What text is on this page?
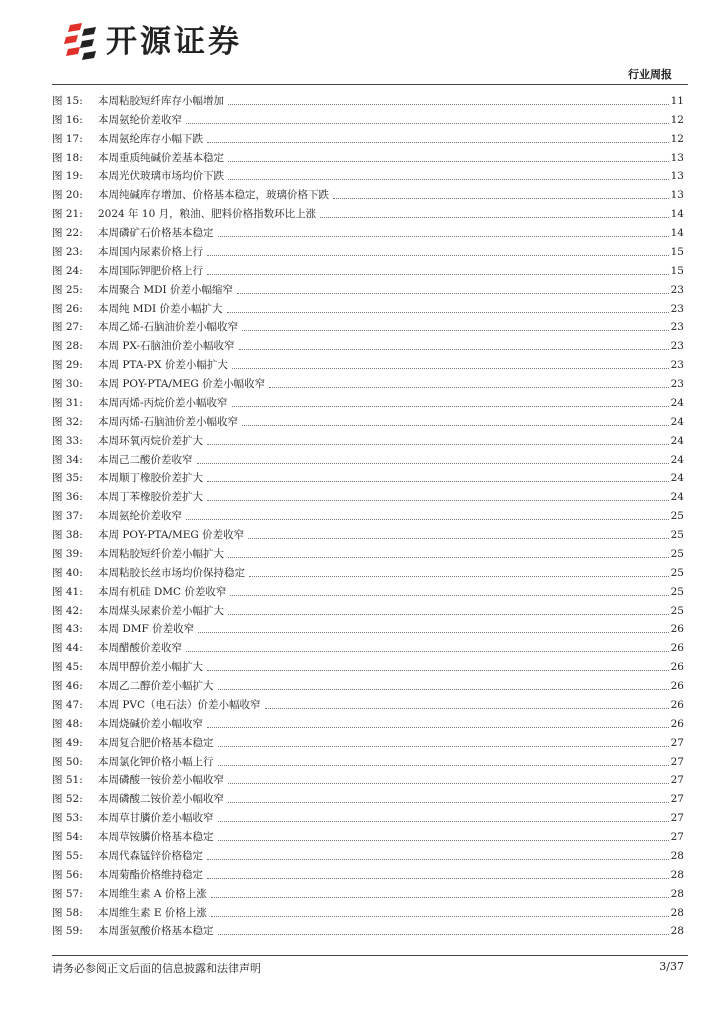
开源证券
行业周报
图 15:	本周粘胶短纤库存小幅增加	11
图 16:	本周氨纶价差收窄	12
图 17:	本周氨纶库存小幅下跌	12
图 18:	本周重质纯碱价差基本稳定	13
图 19:	本周光伏玻璃市场均价下跌	13
图 20:	本周纯碱库存增加、价格基本稳定，玻璃价格下跌	13
图 21:	2024 年 10 月，粮油、肥料价格指数环比上涨	14
图 22:	本周磷矿石价格基本稳定	14
图 23:	本周国内尿素价格上行	15
图 24:	本周国际钾肥价格上行	15
图 25:	本周聚合 MDI 价差小幅缩窄	23
图 26:	本周纯 MDI 价差小幅扩大	23
图 27:	本周乙烯-石脑油价差小幅收窄	23
图 28:	本周 PX-石脑油价差小幅收窄	23
图 29:	本周 PTA-PX 价差小幅扩大	23
图 30:	本周 POY-PTA/MEG 价差小幅收窄	23
图 31:	本周丙烯-丙烷价差小幅收窄	24
图 32:	本周丙烯-石脑油价差小幅收窄	24
图 33:	本周环氧丙烷价差扩大	24
图 34:	本周己二酸价差收窄	24
图 35:	本周顺丁橡胶价差扩大	24
图 36:	本周丁苯橡胶价差扩大	24
图 37:	本周氨纶价差收窄	25
图 38:	本周 POY-PTA/MEG 价差收窄	25
图 39:	本周粘胶短纤价差小幅扩大	25
图 40:	本周粘胶长丝市场均价保持稳定	25
图 41:	本周有机硅 DMC 价差收窄	25
图 42:	本周煤头尿素价差小幅扩大	25
图 43:	本周 DMF 价差收窄	26
图 44:	本周醋酸价差收窄	26
图 45:	本周甲醇价差小幅扩大	26
图 46:	本周乙二醇价差小幅扩大	26
图 47:	本周 PVC（电石法）价差小幅收窄	26
图 48:	本周烧碱价差小幅收窄	26
图 49:	本周复合肥价格基本稳定	27
图 50:	本周氯化钾价格小幅上行	27
图 51:	本周磷酸一铵价差小幅收窄	27
图 52:	本周磷酸二铵价差小幅收窄	27
图 53:	本周草甘膦价差小幅收窄	27
图 54:	本周草铵膦价格基本稳定	27
图 55:	本周代森锰锌价格稳定	28
图 56:	本周菊酯价格维持稳定	28
图 57:	本周维生素 A 价格上涨	28
图 58:	本周维生素 E 价格上涨	28
图 59:	本周蛋氨酸价格基本稳定	28
请务必参阅正文后面的信息披露和法律声明	3/37
